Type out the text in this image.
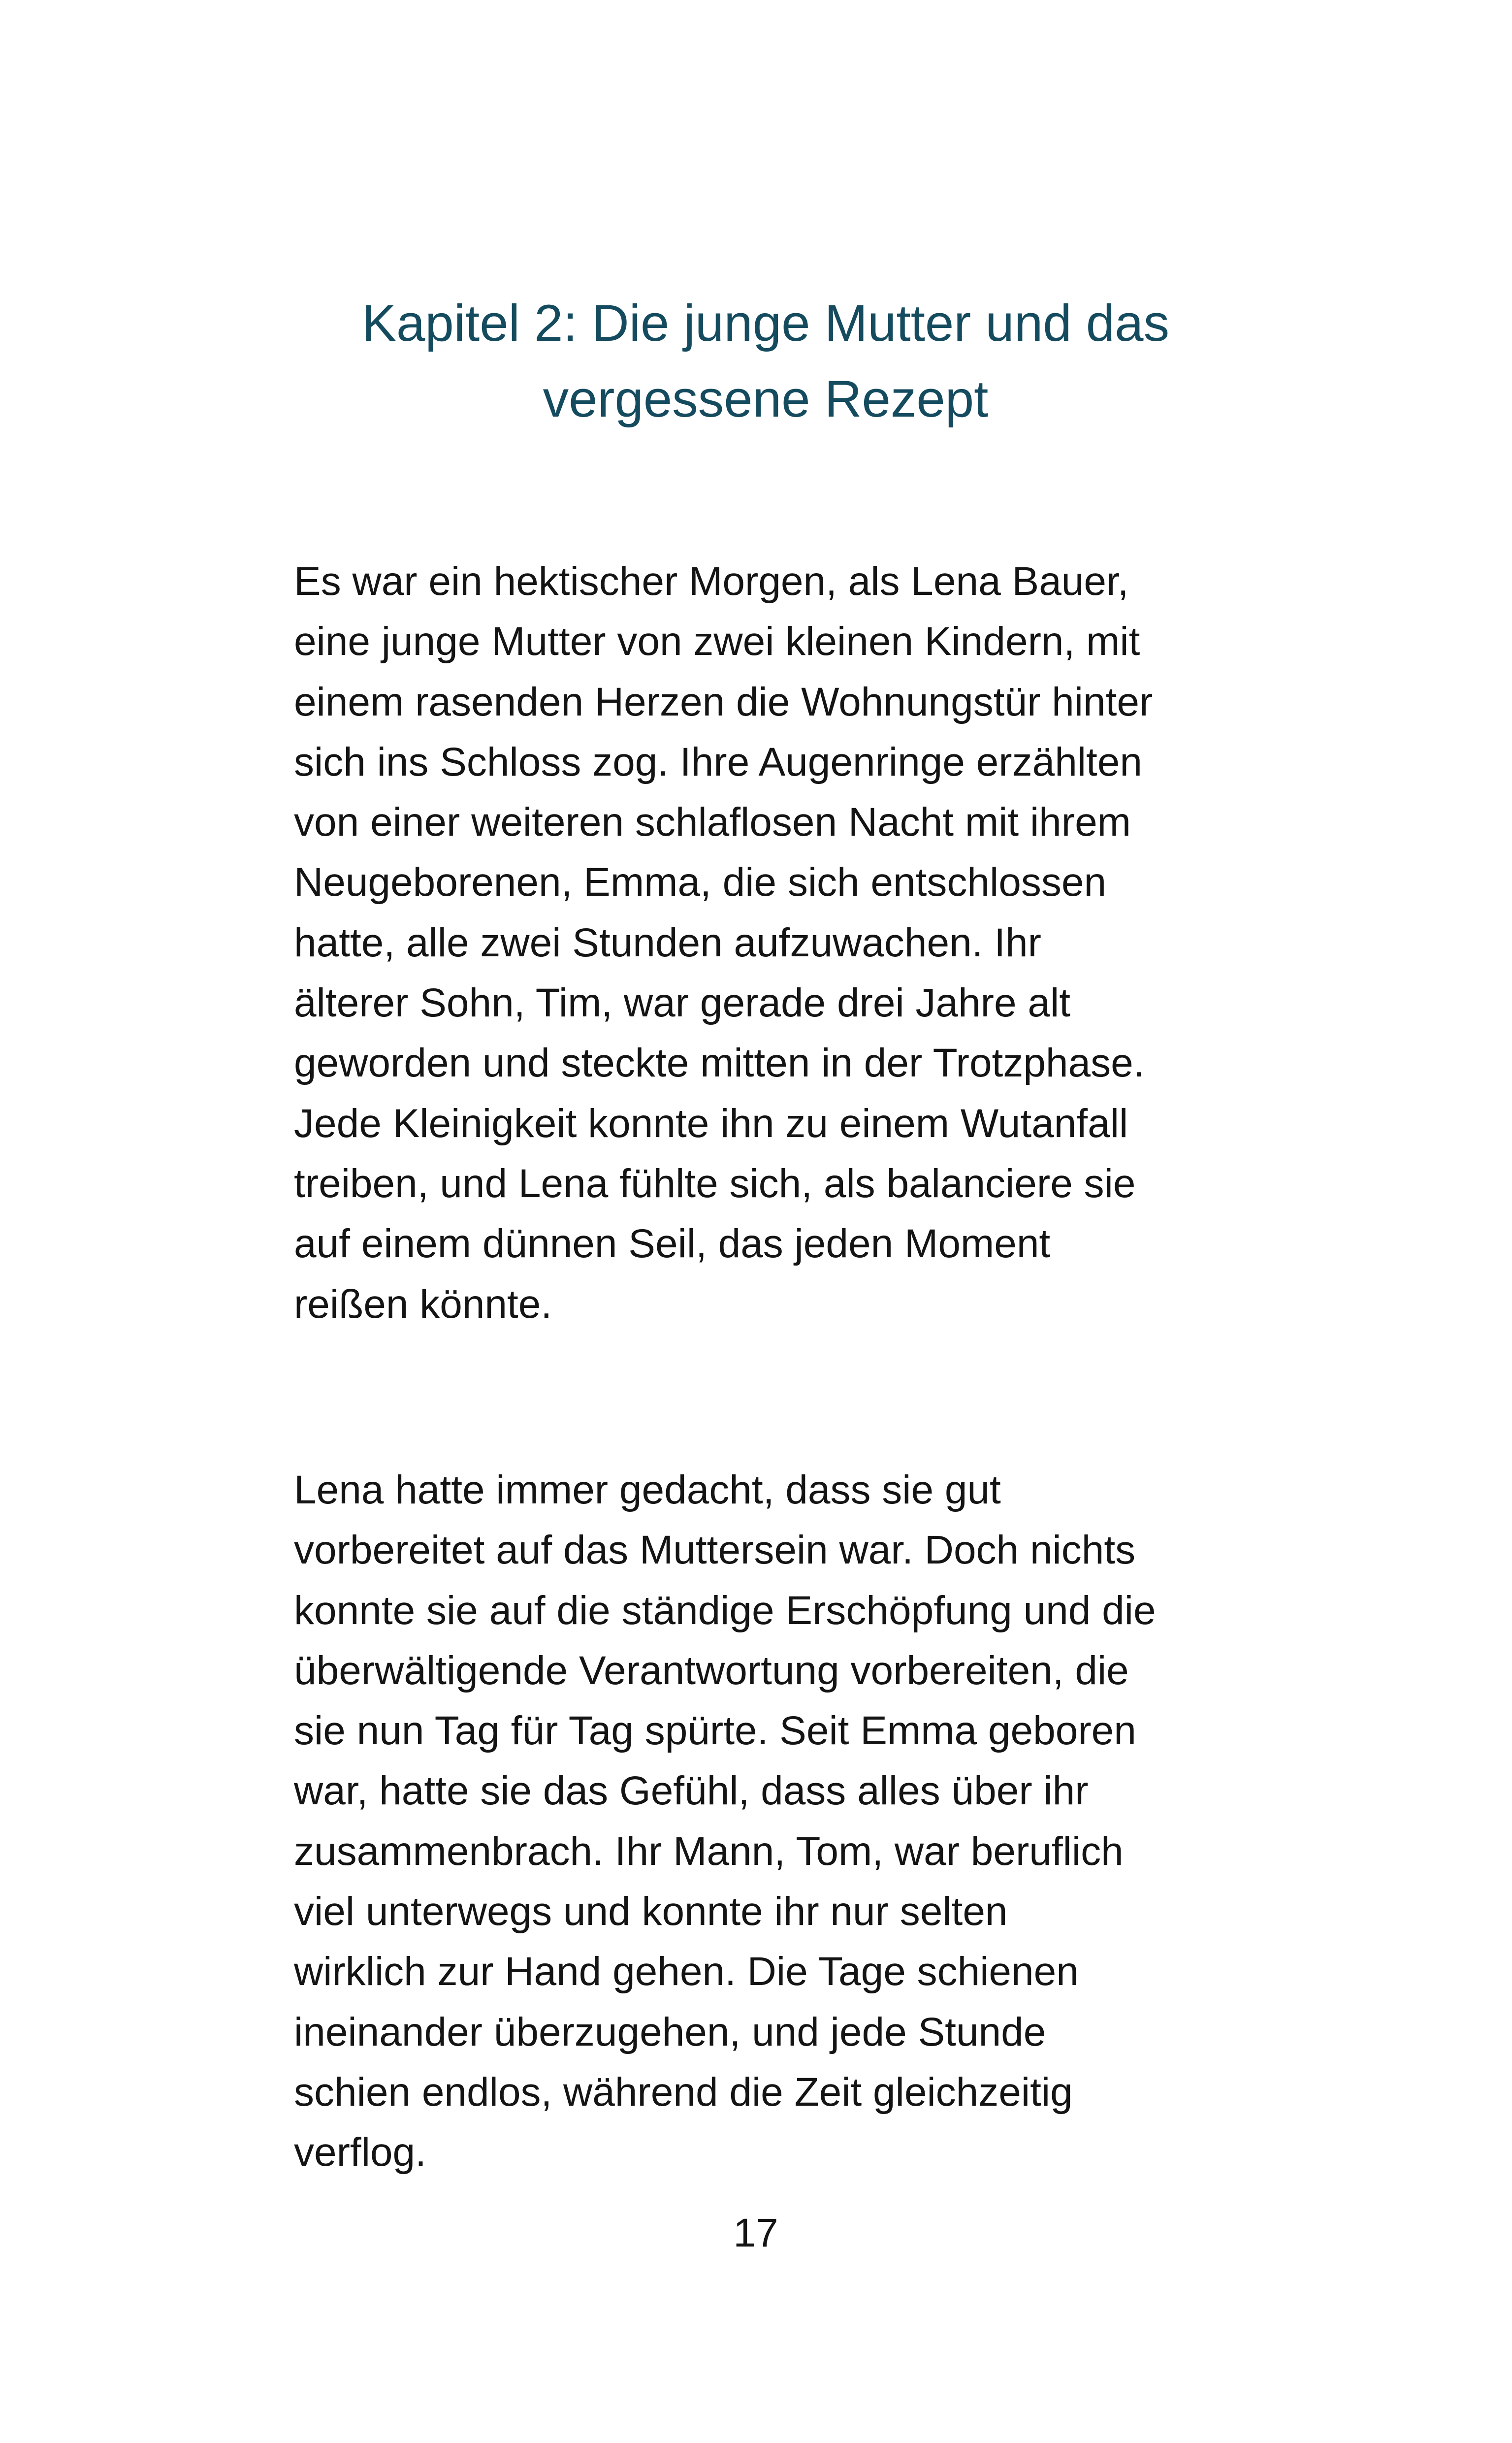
Kapitel 2: Die junge Mutter und das
vergessene Rezept

Es war ein hektischer Morgen, als Lena Bauer,
eine junge Mutter von zwei kleinen Kindern, mit
einem rasenden Herzen die Wohnungstür hinter
sich ins Schloss zog. Ihre Augenringe erzählten
von einer weiteren schlaflosen Nacht mit ihrem
Neugeborenen, Emma, die sich entschlossen
hatte, alle zwei Stunden aufzuwachen. Ihr
älterer Sohn, Tim, war gerade drei Jahre alt
geworden und steckte mitten in der Trotzphase.
Jede Kleinigkeit konnte ihn zu einem Wutanfall
treiben, und Lena fühlte sich, als balanciere sie
auf einem dünnen Seil, das jeden Moment
reißen könnte.

Lena hatte immer gedacht, dass sie gut
vorbereitet auf das Muttersein war. Doch nichts
konnte sie auf die ständige Erschöpfung und die
überwältigende Verantwortung vorbereiten, die
sie nun Tag für Tag spürte. Seit Emma geboren
war, hatte sie das Gefühl, dass alles über ihr
zusammenbrach. Ihr Mann, Tom, war beruflich
viel unterwegs und konnte ihr nur selten
wirklich zur Hand gehen. Die Tage schienen
ineinander überzugehen, und jede Stunde
schien endlos, während die Zeit gleichzeitig
verflog.

17
